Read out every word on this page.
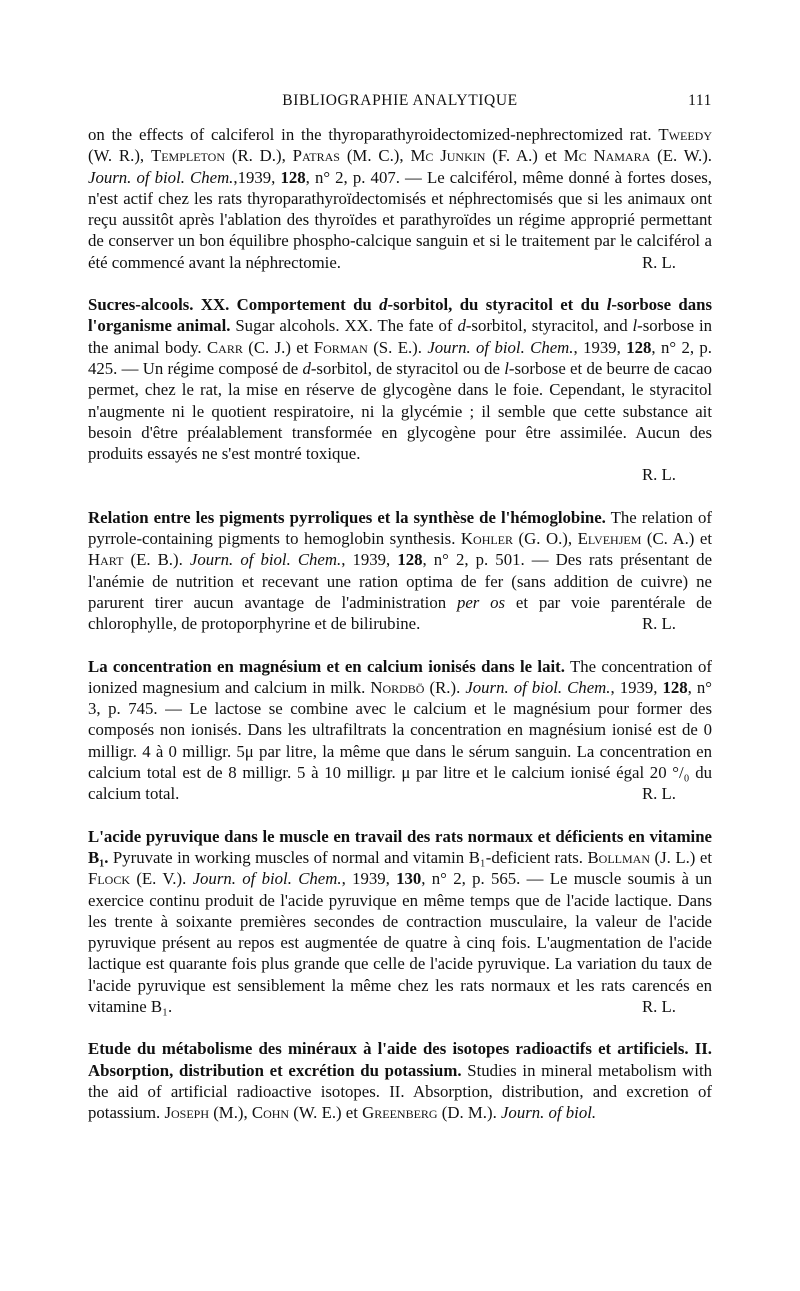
BIBLIOGRAPHIE ANALYTIQUE	111

on the effects of calciferol in the thyroparathyroidectomized-nephrectomized rat. Tweedy (W. R.), Templeton (R. D.), Patras (M. C.), Mc Junkin (F. A.) et Mc Namara (E. W.). Journ. of biol. Chem.,1939, 128, n° 2, p. 407. — Le calciférol, même donné à fortes doses, n'est actif chez les rats thyroparathyroïdectomisés et néphrectomisés que si les animaux ont reçu aussitôt après l'ablation des thyroïdes et parathyroïdes un régime approprié permettant de conserver un bon équilibre phospho-calcique sanguin et si le traitement par le calciférol a été commencé avant la néphrectomie.	R. L.

Sucres-alcools. XX. Comportement du d-sorbitol, du styracitol et du l-sorbose dans l'organisme animal. Sugar alcohols. XX. The fate of d-sorbitol, styracitol, and l-sorbose in the animal body. Carr (C. J.) et Forman (S. E.). Journ. of biol. Chem., 1939, 128, n° 2, p. 425. — Un régime composé de d-sorbitol, de styracitol ou de l-sorbose et de beurre de cacao permet, chez le rat, la mise en réserve de glycogène dans le foie. Cependant, le styracitol n'augmente ni le quotient respiratoire, ni la glycémie ; il semble que cette substance ait besoin d'être préalablement transformée en glycogène pour être assimilée. Aucun des produits essayés ne s'est montré toxique.

R. L.

Relation entre les pigments pyrroliques et la synthèse de l'hémoglobine. The relation of pyrrole-containing pigments to hemoglobin synthesis. Kohler (G. O.), Elvehjem (C. A.) et Hart (E. B.). Journ. of biol. Chem., 1939, 128, n° 2, p. 501. — Des rats présentant de l'anémie de nutrition et recevant une ration optima de fer (sans addition de cuivre) ne parurent tirer aucun avantage de l'administration per os et par voie parentérale de chlorophylle, de protoporphyrine et de bilirubine.	R. L.

La concentration en magnésium et en calcium ionisés dans le lait. The concentration of ionized magnesium and calcium in milk. Nordbö (R.). Journ. of biol. Chem., 1939, 128, n° 3, p. 745. — Le lactose se combine avec le calcium et le magnésium pour former des composés non ionisés. Dans les ultrafiltrats la concentration en magnésium ionisé est de 0 milligr. 4 à 0 milligr. 5μ par litre, la même que dans le sérum sanguin. La concentration en calcium total est de 8 milligr. 5 à 10 milligr. μ par litre et le calcium ionisé égal 20 °/₀ du calcium total.	R. L.

L'acide pyruvique dans le muscle en travail des rats normaux et déficients en vitamine B₁. Pyruvate in working muscles of normal and vitamin B₁-deficient rats. Bollman (J. L.) et Flock (E. V.). Journ. of biol. Chem., 1939, 130, n° 2, p. 565. — Le muscle soumis à un exercice continu produit de l'acide pyruvique en même temps que de l'acide lactique. Dans les trente à soixante premières secondes de contraction musculaire, la valeur de l'acide pyruvique présent au repos est augmentée de quatre à cinq fois. L'augmentation de l'acide lactique est quarante fois plus grande que celle de l'acide pyruvique. La variation du taux de l'acide pyruvique est sensiblement la même chez les rats normaux et les rats carencés en vitamine B₁.	R. L.

Etude du métabolisme des minéraux à l'aide des isotopes radioactifs et artificiels. II. Absorption, distribution et excrétion du potassium. Studies in mineral metabolism with the aid of artificial radioactive isotopes. II. Absorption, distribution, and excretion of potassium. Joseph (M.), Cohn (W. E.) et Greenberg (D. M.). Journ. of biol.
